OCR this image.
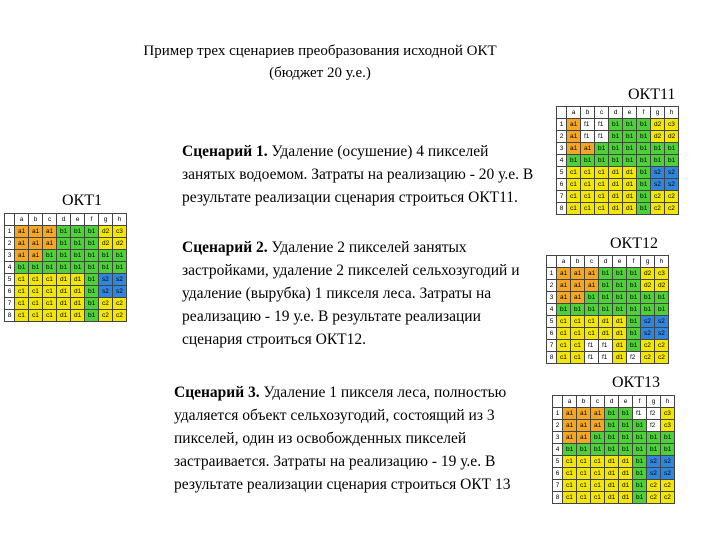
Пример трех сценариев преобразования исходной ОКТ
(бюджет 20 у.е.)
ОКТ1
	a	b	c	d	e	f	g	h
1	a1	a1	a1	b1	b1	b1	d2	c3
2	a1	a1	a1	b1	b1	b1	d2	d2
3	a1	a1	b1	b1	b1	b1	b1	b1
4	b1	b1	b1	b1	b1	b1	b1	b1
5	c1	c1	c1	d1	d1	b1	s2	s2
6	c1	c1	c1	d1	d1	b1	s2	s2
7	c1	c1	c1	d1	d1	b1	c2	c2
8	c1	c1	c1	d1	d1	b1	c2	c2
ОКТ11
	a	b	c	d	e	f	g	h
1	a1	f1	f1	b1	b1	b1	d2	c3
2	a1	f1	f1	b1	b1	b1	d2	d2
3	a1	a1	b1	b1	b1	b1	b1	b1
4	b1	b1	b1	b1	b1	b1	b1	b1
5	c1	c1	c1	d1	d1	b1	s2	s2
6	c1	c1	c1	d1	d1	b1	s2	s2
7	c1	c1	c1	d1	d1	b1	c2	c2
8	c1	c1	c1	d1	d1	b1	c2	c2
ОКТ12
	a	b	c	d	e	f	g	h
1	a1	a1	a1	b1	b1	b1	d2	c3
2	a1	a1	a1	b1	b1	b1	d2	d2
3	a1	a1	b1	b1	b1	b1	b1	b1
4	b1	b1	b1	b1	b1	b1	b1	b1
5	c1	c1	c1	d1	d1	b1	s2	s2
6	c1	c1	c1	d1	d1	b1	s2	s2
7	c1	c1	f1	f1	d1	b1	c2	c2
8	c1	c1	f1	f1	d1	f2	c2	c2
ОКТ13
	a	b	c	d	e	f	g	h
1	a1	a1	a1	b1	b1	f1	f2	c3
2	a1	a1	a1	b1	b1	b1	f2	c3
3	a1	a1	b1	b1	b1	b1	b1	b1
4	b1	b1	b1	b1	b1	b1	b1	b1
5	c1	c1	c1	d1	d1	b1	s2	s2
6	c1	c1	c1	d1	d1	b1	s2	s2
7	c1	c1	c1	d1	d1	b1	c2	c2
8	c1	c1	c1	d1	d1	b1	c2	c2
Сценарий 1. Удаление (осушение) 4 пикселей занятых водоемом. Затраты на реализацию - 20 у.е. В результате реализации сценария строиться ОКТ11.
Сценарий 2. Удаление 2 пикселей занятых застройками, удаление 2 пикселей сельхозугодий и удаление (вырубка) 1 пикселя леса. Затраты на реализацию - 19 у.е. В результате реализации сценария строиться ОКТ12.
Сценарий 3. Удаление 1 пикселя леса, полностью удаляется объект сельхозугодий, состоящий из 3 пикселей, один из освобожденных пикселей застраивается. Затраты на реализацию - 19 у.е. В результате реализации сценария строиться ОКТ 13
